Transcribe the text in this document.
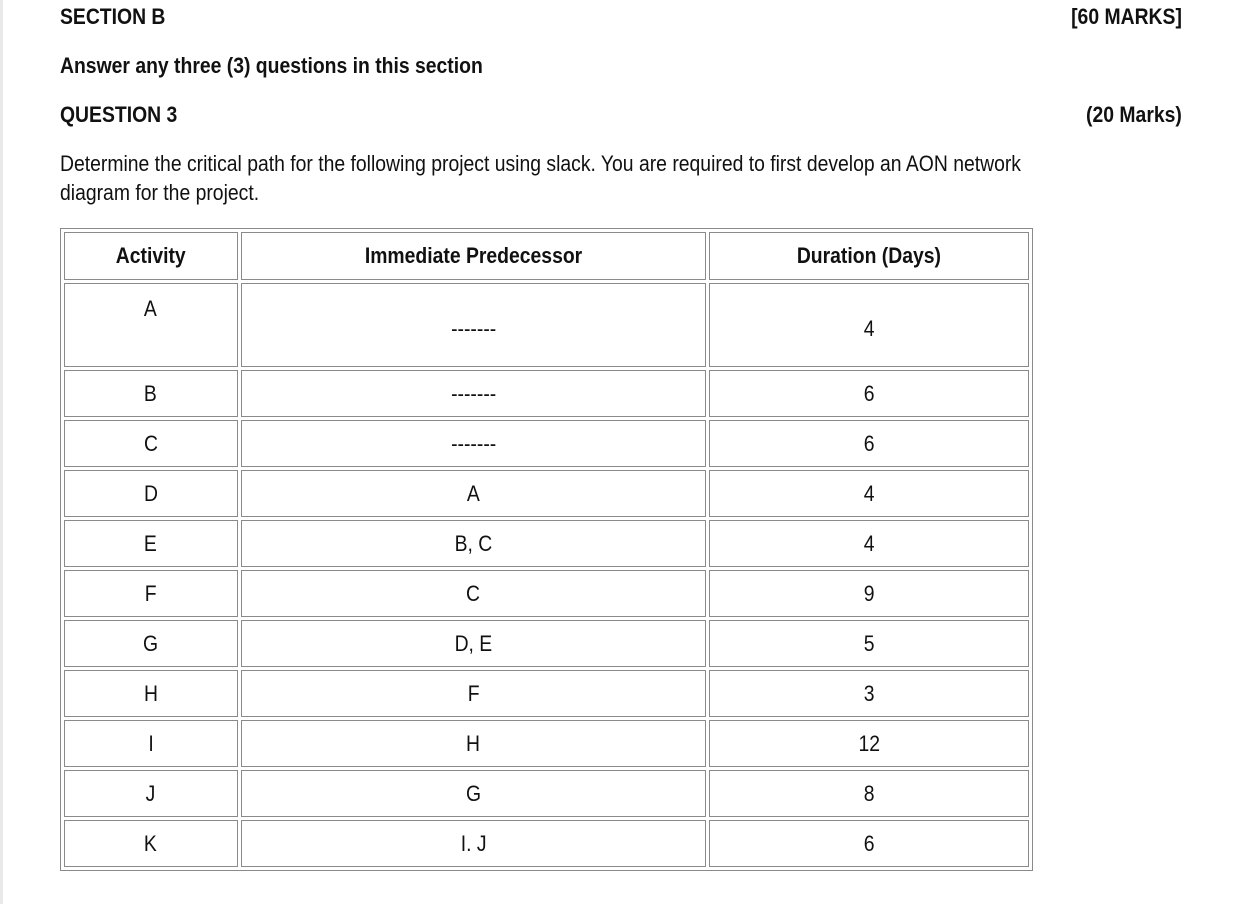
SECTION B	[60 MARKS]
Answer any three (3) questions in this section
QUESTION 3	(20 Marks)
Determine the critical path for the following project using slack. You are required to first develop an AON network diagram for the project.
Activity	Immediate Predecessor	Duration (Days)
A	-------	4
B	-------	6
C	-------	6
D	A	4
E	B, C	4
F	C	9
G	D, E	5
H	F	3
I	H	12
J	G	8
K	I. J	6
